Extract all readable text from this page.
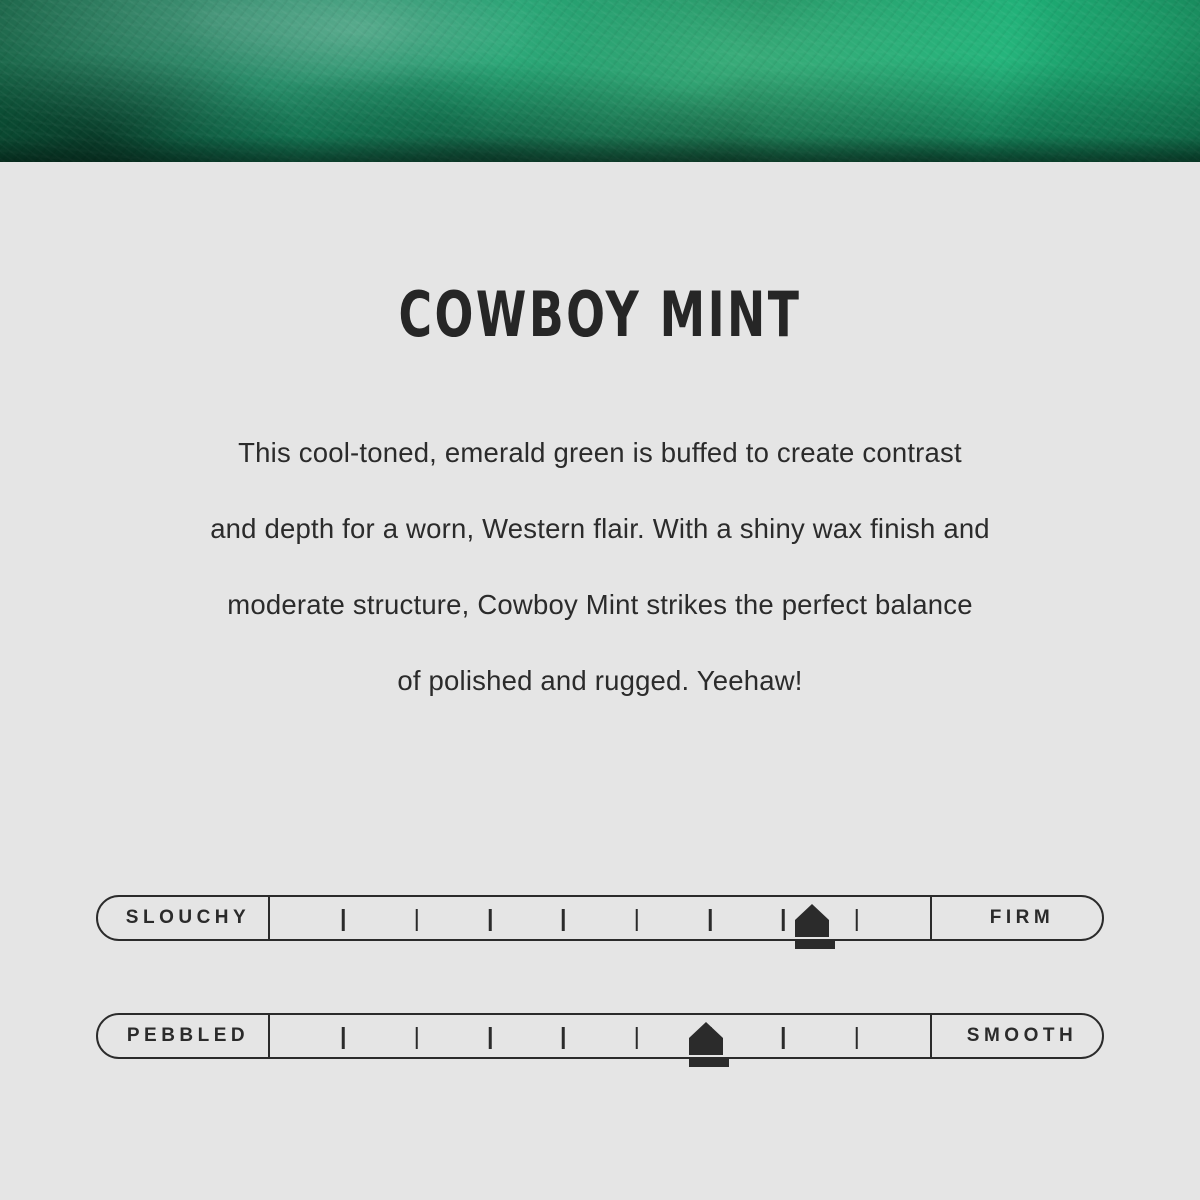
COWBOY MINT
This cool-toned, emerald green is buffed to create contrast
and depth for a worn, Western flair. With a shiny wax finish and
moderate structure, Cowboy Mint strikes the perfect balance
of polished and rugged. Yeehaw!
SLOUCHY	FIRM
PEBBLED	SMOOTH
